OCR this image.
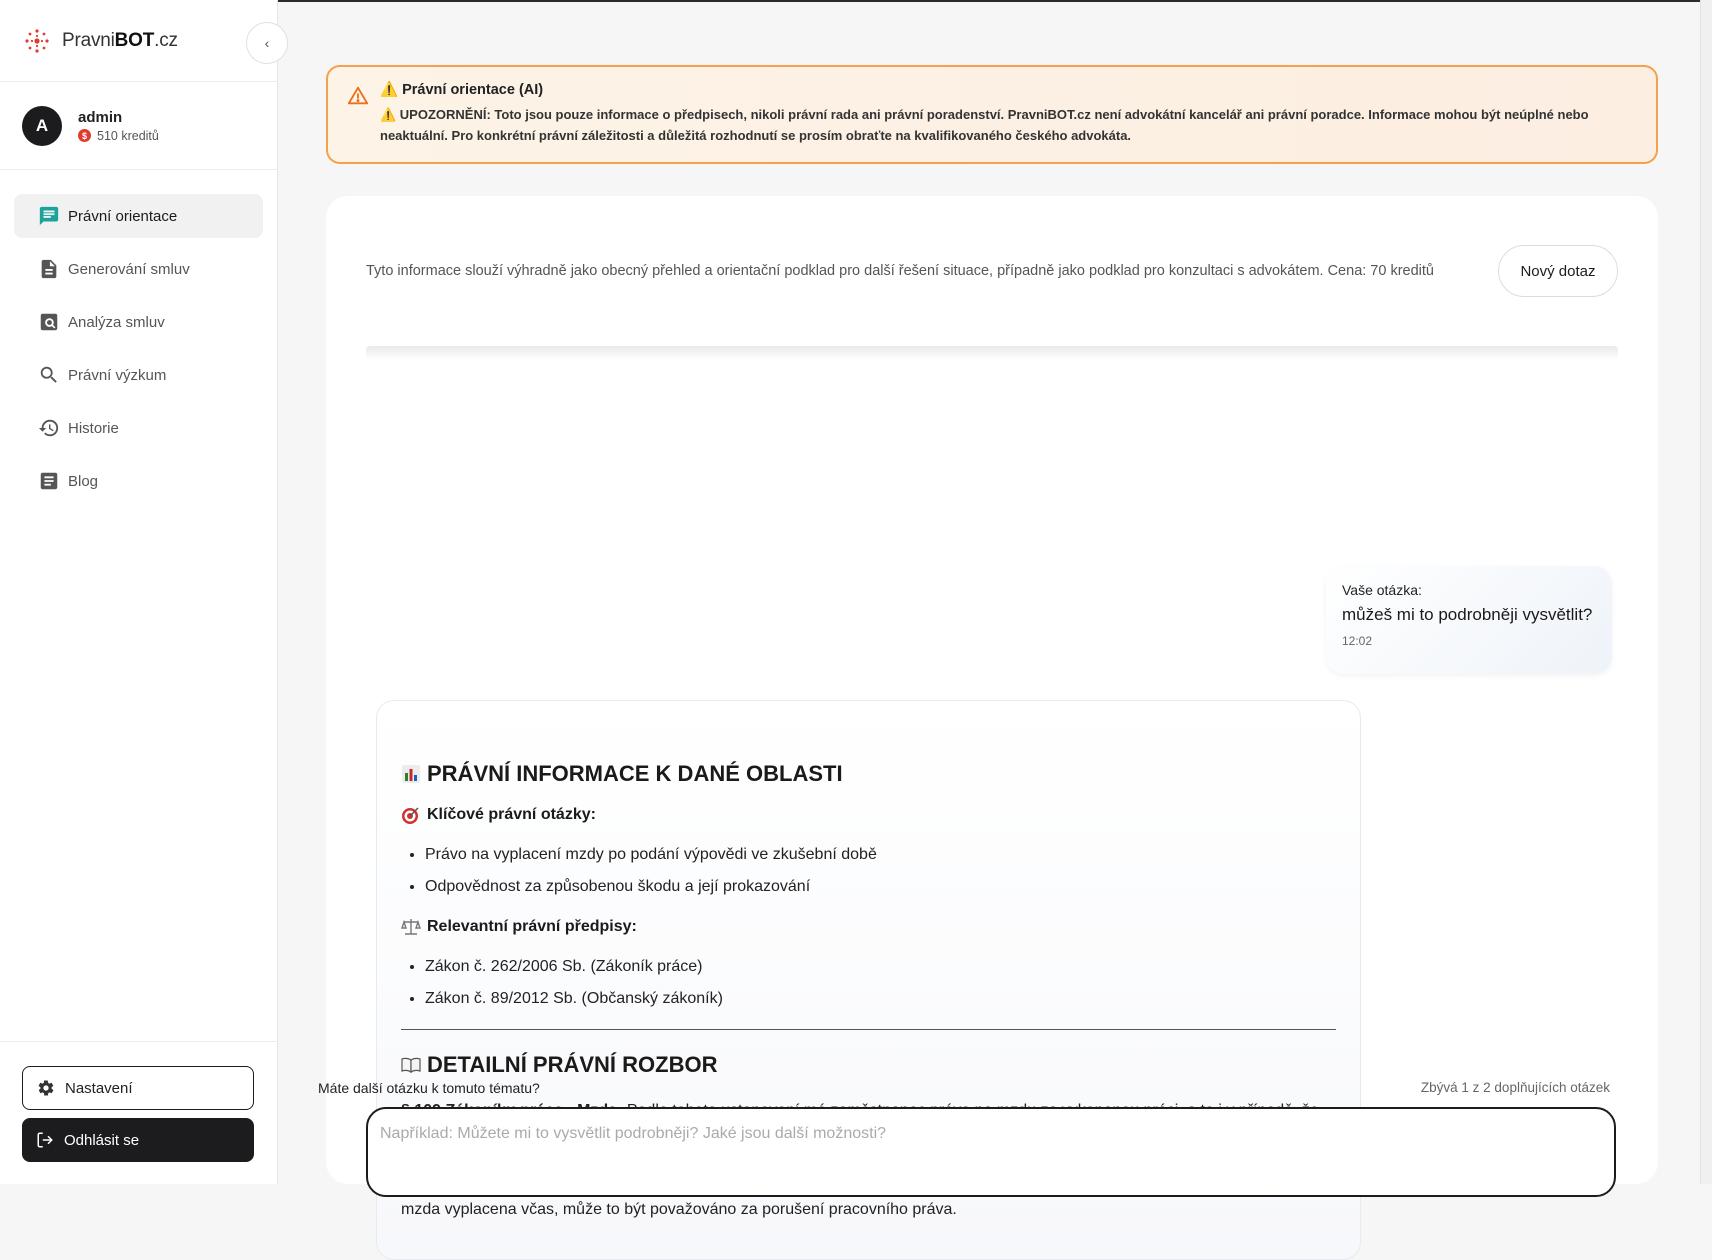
PravniBOT.cz
A	admin
$ 510 kreditů
Právní orientace
Generování smluv
Analýza smluv
Právní výzkum
Historie
Blog
Nastavení
Odhlásit se
‹
⚠️ Právní orientace (AI)
⚠️ UPOZORNĚNÍ: Toto jsou pouze informace o předpisech, nikoli právní rada ani právní poradenství. PravniBOT.cz není advokátní kancelář ani právní poradce. Informace mohou být neúplné nebo neaktuální. Pro konkrétní právní záležitosti a důležitá rozhodnutí se prosím obraťte na kvalifikovaného českého advokáta.
Tyto informace slouží výhradně jako obecný přehled a orientační podklad pro další řešení situace, případně jako podklad pro konzultaci s advokátem. Cena: 70 kreditů	Nový dotaz
Vaše otázka:
můžeš mi to podrobněji vysvětlit?
12:02
PRÁVNÍ INFORMACE K DANÉ OBLASTI
Klíčové právní otázky:
• Právo na vyplacení mzdy po podání výpovědi ve zkušební době
• Odpovědnost za způsobenou škodu a její prokazování
Relevantní právní předpisy:
• Zákon č. 262/2006 Sb. (Zákoník práce)
• Zákon č. 89/2012 Sb. (Občanský zákoník)
DETAILNÍ PRÁVNÍ ROZBOR

mzda vyplacena včas, může to být považováno za porušení pracovního práva.

Máte další otázku k tomuto tématu?	Zbývá 1 z 2 doplňujících otázek
Například: Můžete mi to vysvětlit podrobněji? Jaké jsou další možnosti?
